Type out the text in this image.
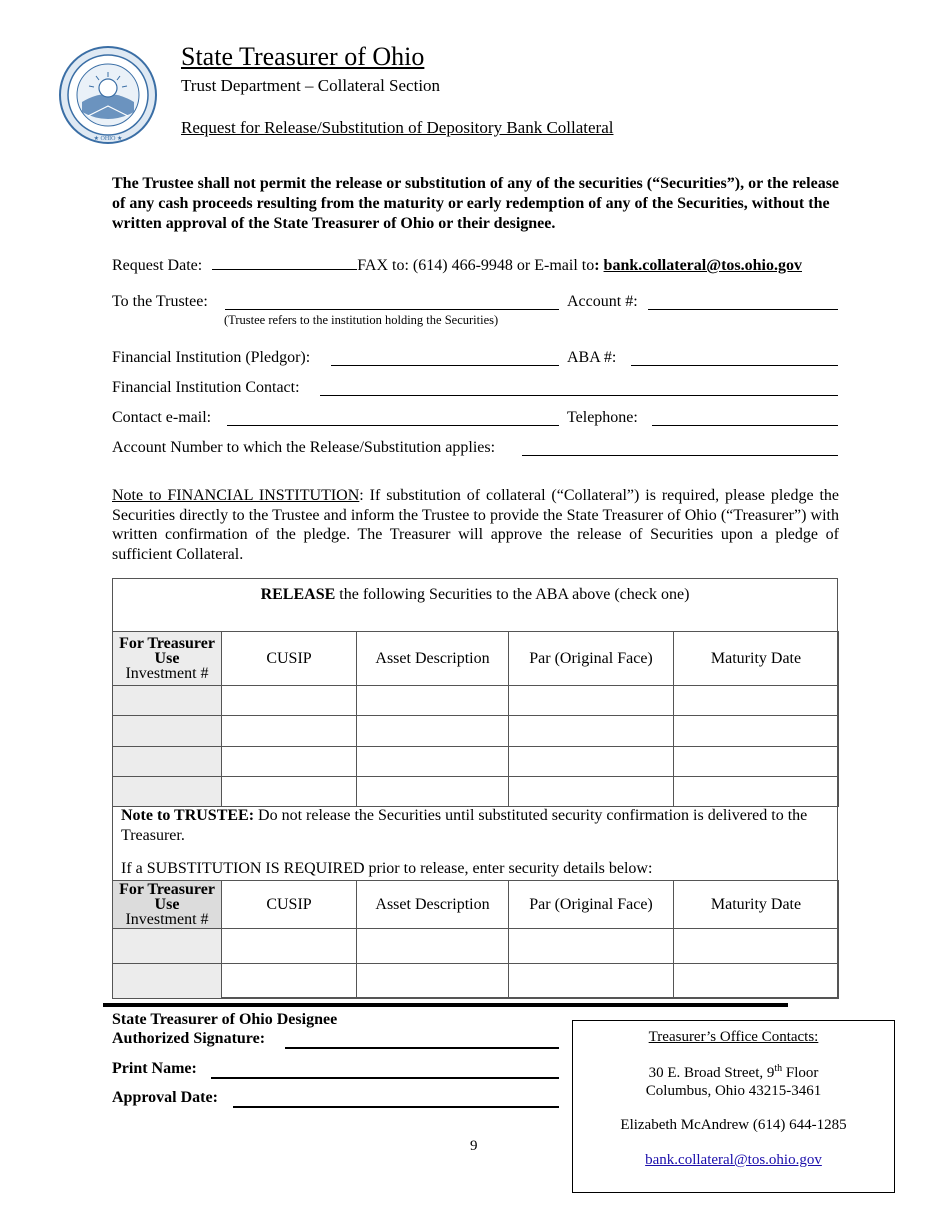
★ OHIO ★
State Treasurer of Ohio
Trust Department – Collateral Section
Request for Release/Substitution of Depository Bank Collateral
The Trustee shall not permit the release or substitution of any of the securities (“Securities”), or the release of any cash proceeds resulting from the maturity or early redemption of any of the Securities, without the written approval of the State Treasurer of Ohio or their designee.
Request Date:	FAX to: (614) 466-9948 or E-mail to: bank.collateral@tos.ohio.gov
To the Trustee:	Account #:
(Trustee refers to the institution holding the Securities)
Financial Institution (Pledgor):	ABA #:
Financial Institution Contact:
Contact e-mail:	Telephone:
Account Number to which the Release/Substitution applies:
Note to FINANCIAL INSTITUTION: If substitution of collateral (“Collateral”) is required, please pledge the Securities directly to the Trustee and inform the Trustee to provide the State Treasurer of Ohio (“Treasurer”) with written confirmation of the pledge. The Treasurer will approve the release of Securities upon a pledge of sufficient Collateral.
RELEASE the following Securities to the ABA above (check one)
For Treasurer
Use
Investment #	CUSIP	Asset Description	Par (Original Face)	Maturity Date

Note to TRUSTEE: Do not release the Securities until substituted security confirmation is delivered to the Treasurer.
If a SUBSTITUTION IS REQUIRED prior to release, enter security details below:
For Treasurer
Use
Investment #	CUSIP	Asset Description	Par (Original Face)	Maturity Date

State Treasurer of Ohio Designee
Authorized Signature:
Print Name:
Approval Date:
Treasurer’s Office Contacts:
30 E. Broad Street, 9th Floor
Columbus, Ohio 43215-3461
Elizabeth McAndrew (614) 644-1285
bank.collateral@tos.ohio.gov
9
